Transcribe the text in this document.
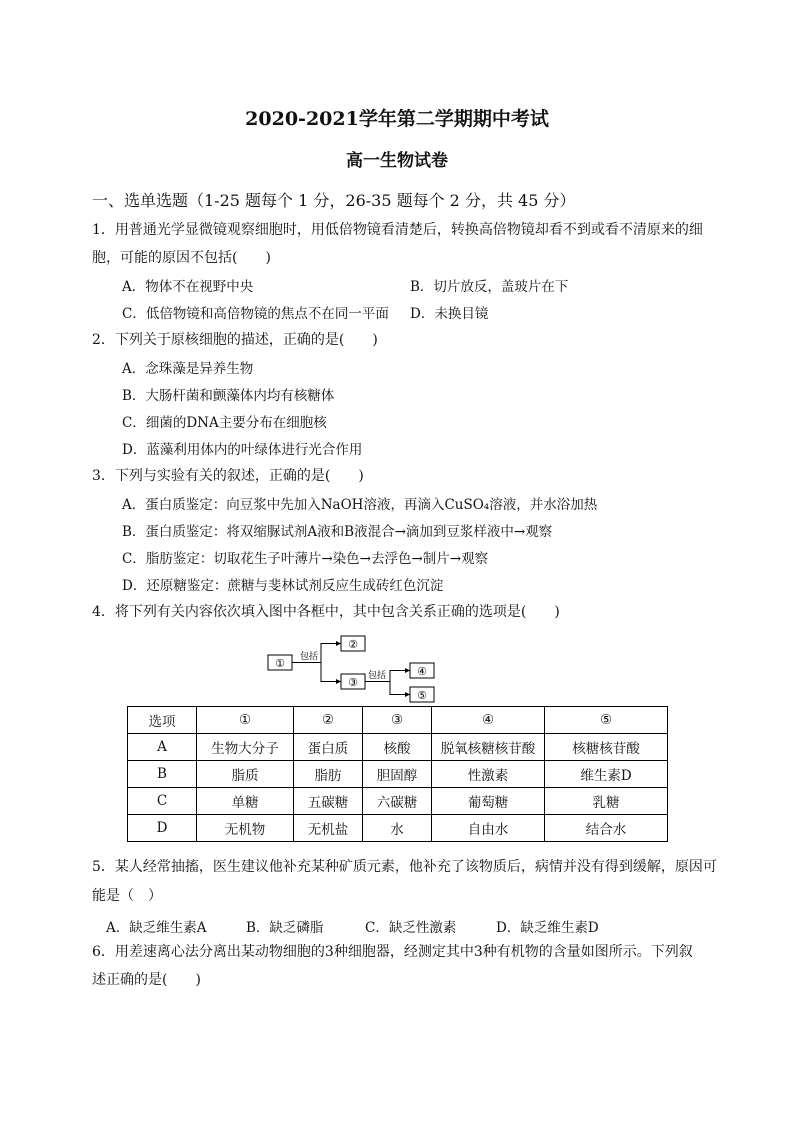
2020-2021学年第二学期期中考试
高一生物试卷
一、选单选题（1-25 题每个 1 分，26-35 题每个 2 分，共 45 分）
1．用普通光学显微镜观察细胞时，用低倍物镜看清楚后，转换高倍物镜却看不到或看不清原来的细
胞，可能的原因不包括(　　)
A．物体不在视野中央	B．切片放反，盖玻片在下
C．低倍物镜和高倍物镜的焦点不在同一平面 D．未换目镜
2．下列关于原核细胞的描述，正确的是(　　)
A．念珠藻是异养生物
B．大肠杆菌和颤藻体内均有核糖体
C．细菌的DNA主要分布在细胞核
D．蓝藻利用体内的叶绿体进行光合作用
3．下列与实验有关的叙述，正确的是(　　)
A．蛋白质鉴定：向豆浆中先加入NaOH溶液，再滴入CuSO₄溶液，并水浴加热
B．蛋白质鉴定：将双缩脲试剂A液和B液混合→滴加到豆浆样液中→观察
C．脂肪鉴定：切取花生子叶薄片→染色→去浮色→制片→观察
D．还原糖鉴定：蔗糖与斐林试剂反应生成砖红色沉淀
4．将下列有关内容依次填入图中各框中，其中包含关系正确的选项是(　　)
①
②
③
④
⑤
包括
包括
选项	①	②	③	④	⑤
A	生物大分子	蛋白质	核酸	脱氧核糖核苷酸	核糖核苷酸
B	脂质	脂肪	胆固醇	性激素	维生素D
C	单糖	五碳糖	六碳糖	葡萄糖	乳糖
D	无机物	无机盐	水	自由水	结合水
5．某人经常抽搐，医生建议他补充某种矿质元素，他补充了该物质后，病情并没有得到缓解，原因可
能是（　）
A．缺乏维生素A	B．缺乏磷脂	C．缺乏性激素	D．缺乏维生素D
6．用差速离心法分离出某动物细胞的3种细胞器，经测定其中3种有机物的含量如图所示。下列叙
述正确的是(　　)
